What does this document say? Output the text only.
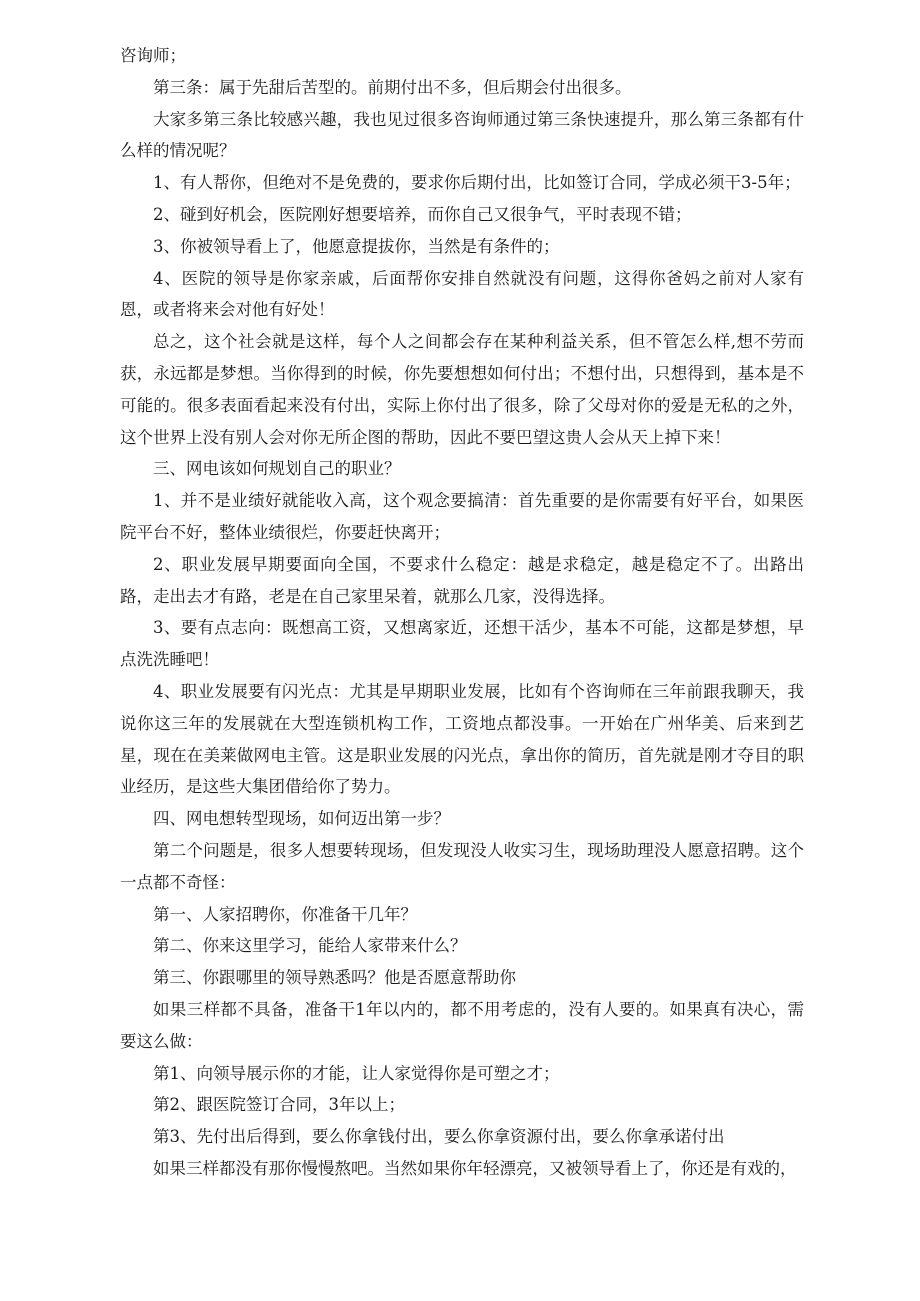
咨询师；

第三条：属于先甜后苦型的。前期付出不多，但后期会付出很多。

大家多第三条比较感兴趣，我也见过很多咨询师通过第三条快速提升，那么第三条都有什么样的情况呢？

1、有人帮你，但绝对不是免费的，要求你后期付出，比如签订合同，学成必须干3-5年；

2、碰到好机会，医院刚好想要培养，而你自己又很争气，平时表现不错；

3、你被领导看上了，他愿意提拔你，当然是有条件的；

4、医院的领导是你家亲戚，后面帮你安排自然就没有问题，这得你爸妈之前对人家有恩，或者将来会对他有好处！

总之，这个社会就是这样，每个人之间都会存在某种利益关系，但不管怎么样,想不劳而获，永远都是梦想。当你得到的时候，你先要想想如何付出；不想付出，只想得到，基本是不可能的。很多表面看起来没有付出，实际上你付出了很多，除了父母对你的爱是无私的之外，这个世界上没有别人会对你无所企图的帮助，因此不要巴望这贵人会从天上掉下来！

三、网电该如何规划自己的职业？

1、并不是业绩好就能收入高，这个观念要搞清：首先重要的是你需要有好平台，如果医院平台不好，整体业绩很烂，你要赶快离开；

2、职业发展早期要面向全国，不要求什么稳定：越是求稳定，越是稳定不了。出路出路，走出去才有路，老是在自己家里呆着，就那么几家，没得选择。

3、要有点志向：既想高工资，又想离家近，还想干活少，基本不可能，这都是梦想，早点洗洗睡吧！

4、职业发展要有闪光点：尤其是早期职业发展，比如有个咨询师在三年前跟我聊天，我说你这三年的发展就在大型连锁机构工作，工资地点都没事。一开始在广州华美、后来到艺星，现在在美莱做网电主管。这是职业发展的闪光点，拿出你的简历，首先就是刚才夺目的职业经历，是这些大集团借给你了势力。

四、网电想转型现场，如何迈出第一步？

第二个问题是，很多人想要转现场，但发现没人收实习生，现场助理没人愿意招聘。这个一点都不奇怪：

第一、人家招聘你，你准备干几年？

第二、你来这里学习，能给人家带来什么？

第三、你跟哪里的领导熟悉吗？他是否愿意帮助你

如果三样都不具备，准备干1年以内的，都不用考虑的，没有人要的。如果真有决心，需要这么做：

第1、向领导展示你的才能，让人家觉得你是可塑之才；

第2、跟医院签订合同，3年以上；

第3、先付出后得到，要么你拿钱付出，要么你拿资源付出，要么你拿承诺付出

如果三样都没有那你慢慢熬吧。当然如果你年轻漂亮，又被领导看上了，你还是有戏的，
